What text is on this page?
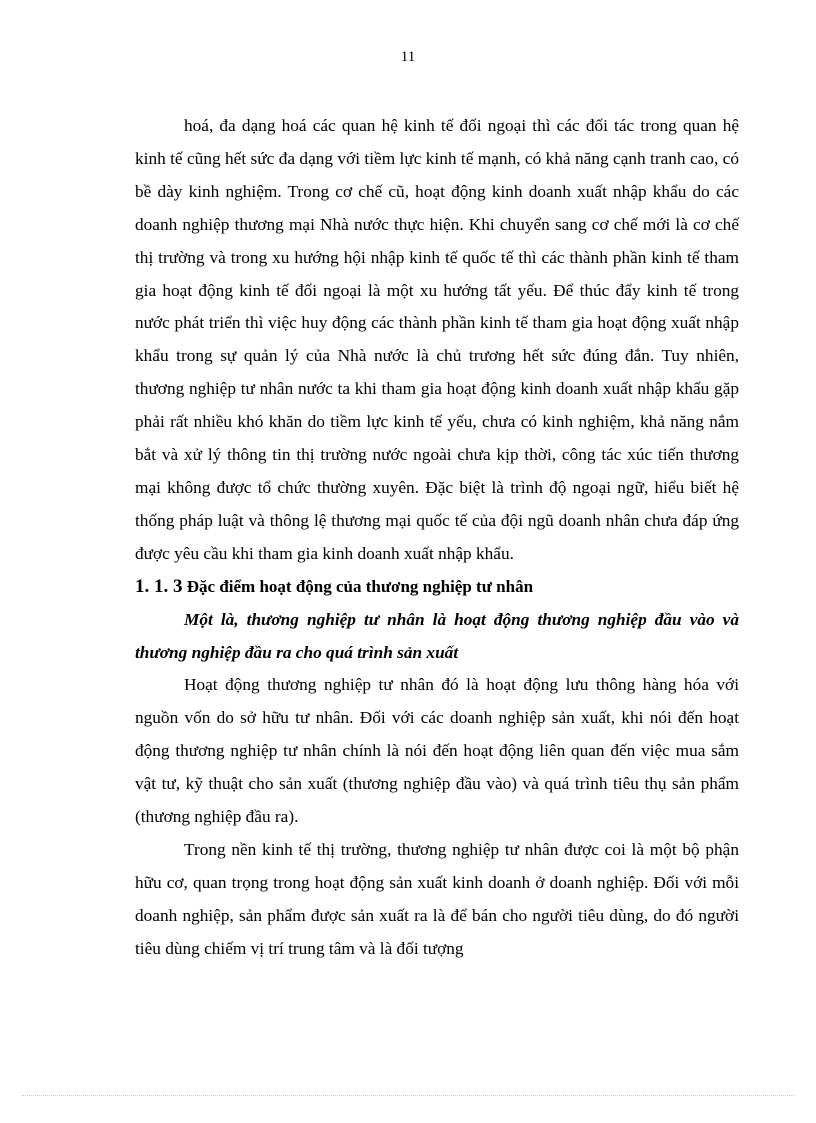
11

hoá, đa dạng hoá các quan hệ kinh tế đối ngoại thì các đối tác trong quan hệ kinh tế cũng hết sức đa dạng với tiềm lực kinh tế mạnh, có khả năng cạnh tranh cao, có bề dày kinh nghiệm. Trong cơ chế cũ, hoạt động kinh doanh xuất nhập khẩu do các doanh nghiệp thương mại Nhà nước thực hiện. Khi chuyển sang cơ chế mới là cơ chế thị trường và trong xu hướng hội nhập kinh tế quốc tế thì các thành phần kinh tế tham gia hoạt động kinh tế đối ngoại là một xu hướng tất yếu. Để thúc đẩy kinh tế trong nước phát triển thì việc huy động các thành phần kinh tế tham gia hoạt động xuất nhập khẩu trong sự quản lý của Nhà nước là chủ trương hết sức đúng đắn. Tuy nhiên, thương nghiệp tư nhân nước ta khi tham gia hoạt động kinh doanh xuất nhập khẩu gặp phải rất nhiều khó khăn do tiềm lực kinh tế yếu, chưa có kinh nghiệm, khả năng nắm bắt và xử lý thông tin thị trường nước ngoài chưa kịp thời, công tác xúc tiến thương mại không được tổ chức thường xuyên. Đặc biệt là trình độ ngoại ngữ, hiểu biết hệ thống pháp luật và thông lệ thương mại quốc tế của đội ngũ doanh nhân chưa đáp ứng được yêu cầu khi tham gia kinh doanh xuất nhập khẩu.

1. 1. 3 Đặc điểm hoạt động của thương nghiệp tư nhân

Một là, thương nghiệp tư nhân là hoạt động thương nghiệp đầu vào và thương nghiệp đầu ra cho quá trình sản xuất

Hoạt động thương nghiệp tư nhân đó là hoạt động lưu thông hàng hóa với nguồn vốn do sở hữu tư nhân. Đối với các doanh nghiệp sản xuất, khi nói đến hoạt động thương nghiệp tư nhân chính là nói đến hoạt động liên quan đến việc mua sắm vật tư, kỹ thuật cho sản xuất (thương nghiệp đầu vào) và quá trình tiêu thụ sản phẩm (thương nghiệp đầu ra).

Trong nền kinh tế thị trường, thương nghiệp tư nhân được coi là một bộ phận hữu cơ, quan trọng trong hoạt động sản xuất kinh doanh ở doanh nghiệp. Đối với mỗi doanh nghiệp, sản phẩm được sản xuất ra là để bán cho người tiêu dùng, do đó người tiêu dùng chiếm vị trí trung tâm và là đối tượng
